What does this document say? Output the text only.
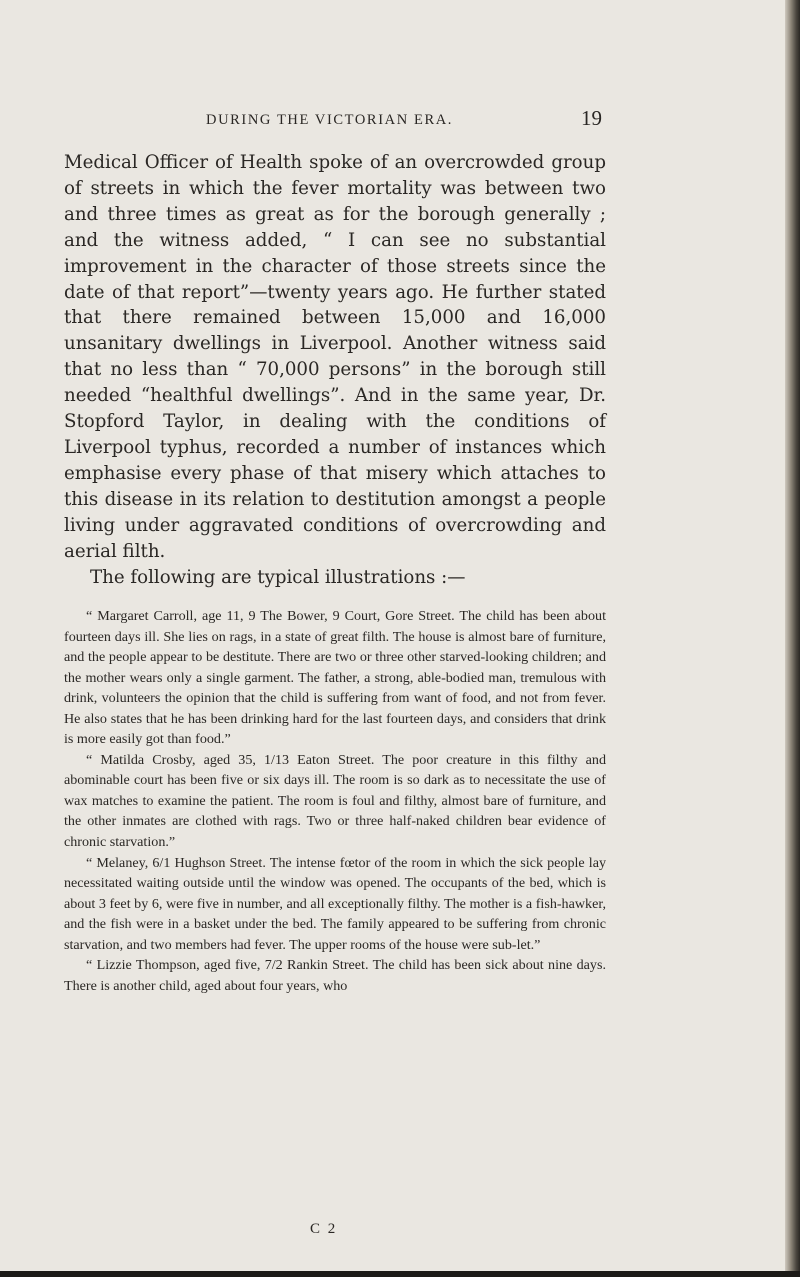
DURING THE VICTORIAN ERA.	19

Medical Officer of Health spoke of an overcrowded group of streets in which the fever mortality was between two and three times as great as for the borough generally ; and the witness added, “ I can see no substantial improvement in the character of those streets since the date of that report”—twenty years ago. He further stated that there remained between 15,000 and 16,000 unsanitary dwellings in Liverpool. Another witness said that no less than “ 70,000 persons” in the borough still needed “healthful dwellings”. And in the same year, Dr. Stopford Taylor, in dealing with the conditions of Liverpool typhus, recorded a number of instances which emphasise every phase of that misery which attaches to this disease in its relation to destitution amongst a people living under aggravated conditions of overcrowding and aerial filth.

The following are typical illustrations :—

“ Margaret Carroll, age 11, 9 The Bower, 9 Court, Gore Street. The child has been about fourteen days ill. She lies on rags, in a state of great filth. The house is almost bare of furniture, and the people appear to be destitute. There are two or three other starved-looking children; and the mother wears only a single garment. The father, a strong, able-bodied man, tremulous with drink, volunteers the opinion that the child is suffering from want of food, and not from fever. He also states that he has been drinking hard for the last fourteen days, and considers that drink is more easily got than food.”

“ Matilda Crosby, aged 35, 1/13 Eaton Street. The poor creature in this filthy and abominable court has been five or six days ill. The room is so dark as to necessitate the use of wax matches to examine the patient. The room is foul and filthy, almost bare of furniture, and the other inmates are clothed with rags. Two or three half-naked children bear evidence of chronic starvation.”

“ Melaney, 6/1 Hughson Street. The intense fœtor of the room in which the sick people lay necessitated waiting outside until the window was opened. The occupants of the bed, which is about 3 feet by 6, were five in number, and all exceptionally filthy. The mother is a fish-hawker, and the fish were in a basket under the bed. The family appeared to be suffering from chronic starvation, and two members had fever. The upper rooms of the house were sub-let.”

“ Lizzie Thompson, aged five, 7/2 Rankin Street. The child has been sick about nine days. There is another child, aged about four years, who

C 2
